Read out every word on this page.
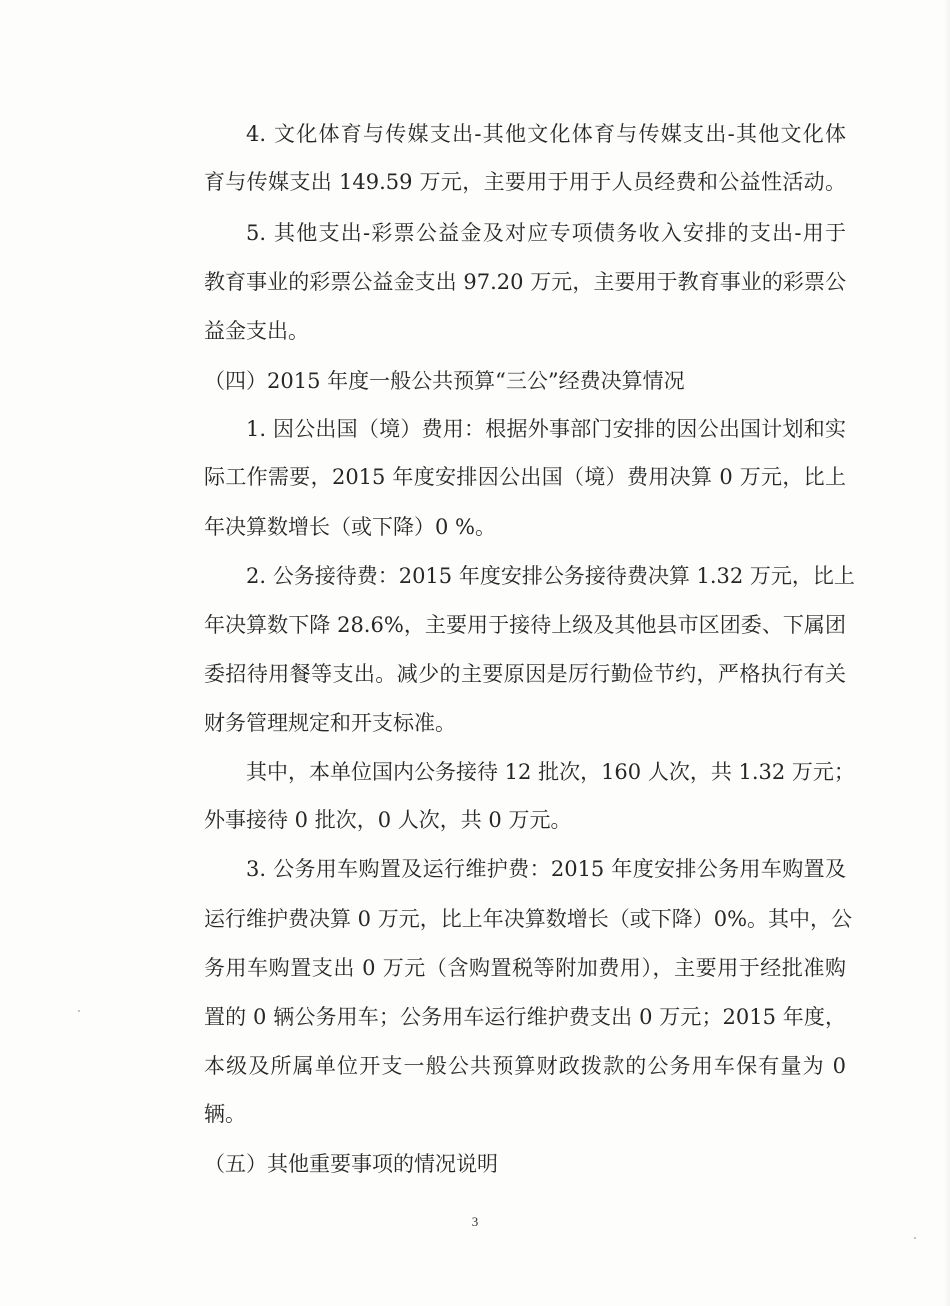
4. 文化体育与传媒支出-其他文化体育与传媒支出-其他文化体

育与传媒支出 149.59 万元，主要用于用于人员经费和公益性活动。

5. 其他支出-彩票公益金及对应专项债务收入安排的支出-用于

教育事业的彩票公益金支出 97.20 万元，主要用于教育事业的彩票公

益金支出。

（四）2015 年度一般公共预算“三公”经费决算情况

1. 因公出国（境）费用：根据外事部门安排的因公出国计划和实

际工作需要，2015 年度安排因公出国（境）费用决算 0 万元，比上

年决算数增长（或下降）0 %。

2. 公务接待费：2015 年度安排公务接待费决算 1.32 万元，比上

年决算数下降 28.6%，主要用于接待上级及其他县市区团委、下属团

委招待用餐等支出。减少的主要原因是厉行勤俭节约，严格执行有关

财务管理规定和开支标准。

其中，本单位国内公务接待 12 批次，160 人次，共 1.32 万元；

外事接待 0 批次，0 人次，共 0 万元。

3. 公务用车购置及运行维护费：2015 年度安排公务用车购置及

运行维护费决算 0 万元，比上年决算数增长（或下降）0%。其中，公

务用车购置支出 0 万元（含购置税等附加费用），主要用于经批准购

置的 0 辆公务用车；公务用车运行维护费支出 0 万元；2015 年度，

本级及所属单位开支一般公共预算财政拨款的公务用车保有量为 0

辆。

（五）其他重要事项的情况说明

3
